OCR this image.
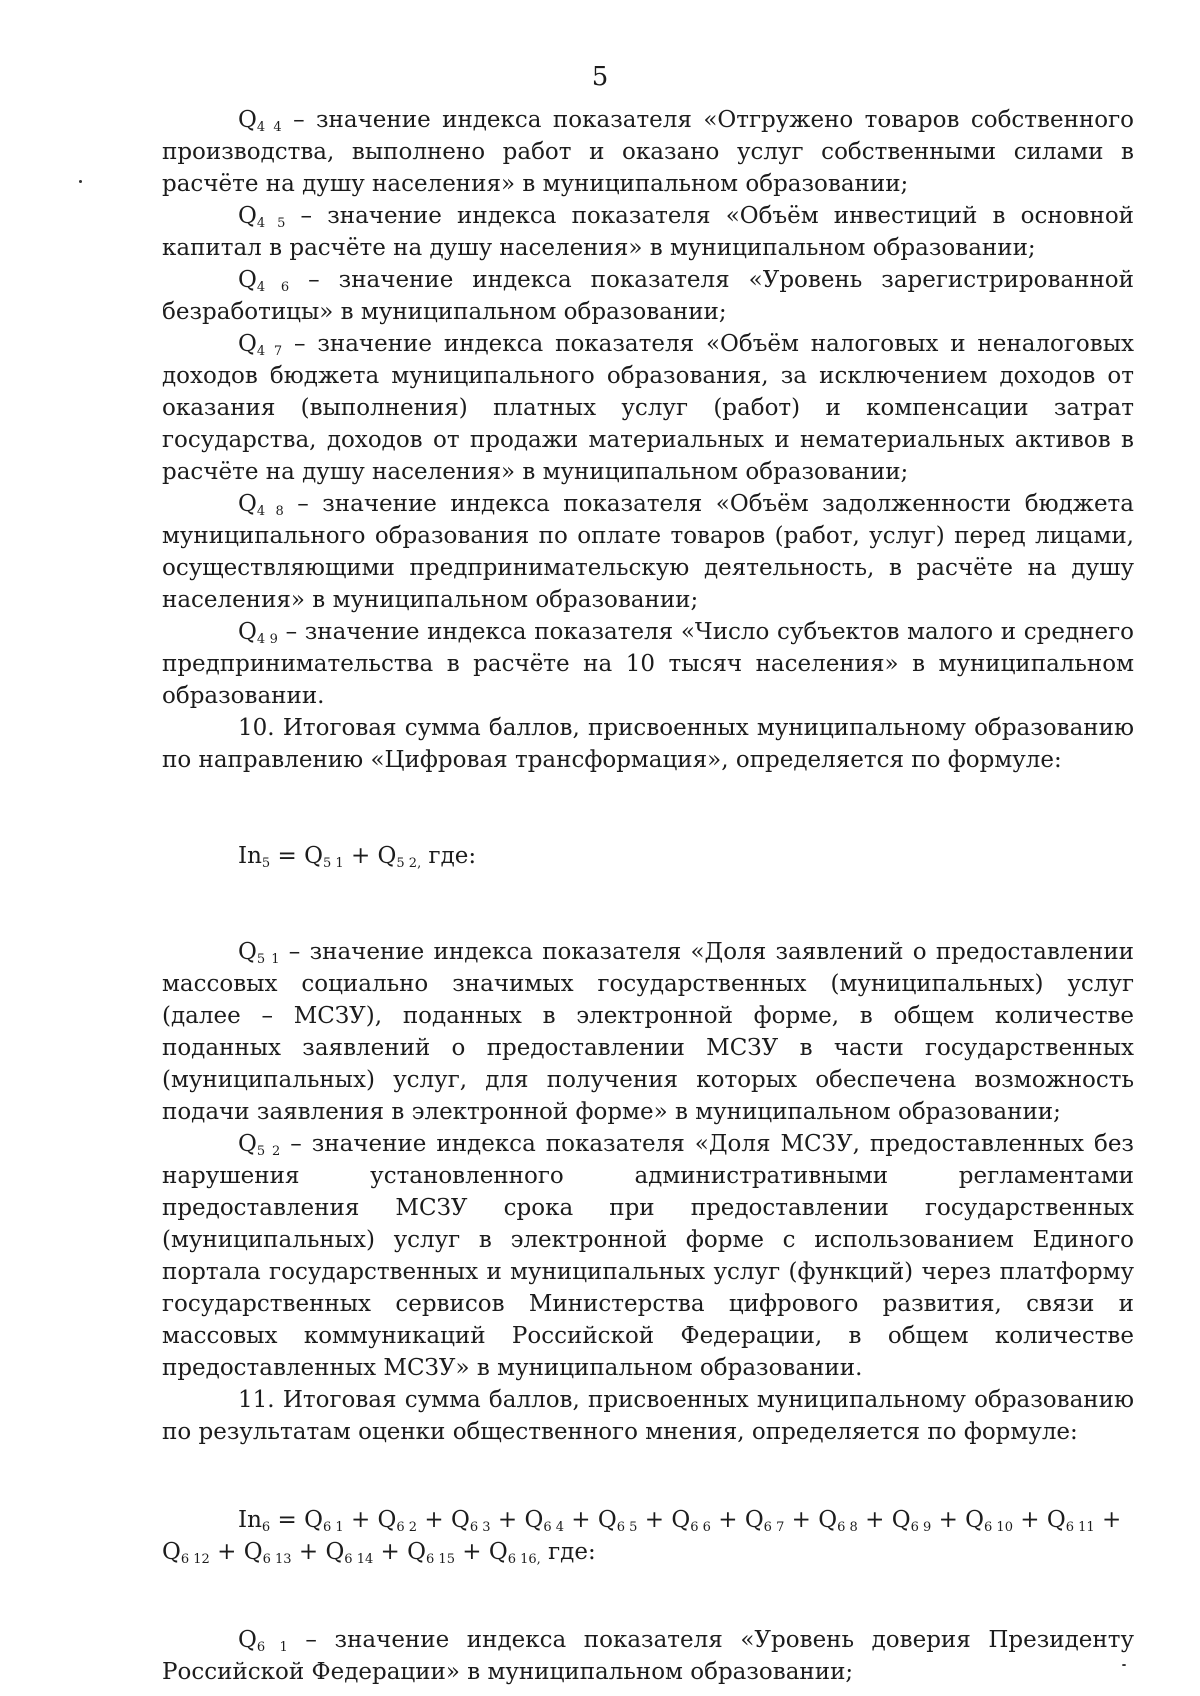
5

$Q_{4 4}$ – значение индекса показателя «Отгружено товаров собственного производства, выполнено работ и оказано услуг собственными силами в расчёте на душу населения» в муниципальном образовании;

$Q_{4 5}$ – значение индекса показателя «Объём инвестиций в основной капитал в расчёте на душу населения» в муниципальном образовании;

$Q_{4 6}$ – значение индекса показателя «Уровень зарегистрированной безработицы» в муниципальном образовании;

$Q_{4 7}$ – значение индекса показателя «Объём налоговых и неналоговых доходов бюджета муниципального образования, за исключением доходов от оказания (выполнения) платных услуг (работ) и компенсации затрат государства, доходов от продажи материальных и нематериальных активов в расчёте на душу населения» в муниципальном образовании;

$Q_{4 8}$ – значение индекса показателя «Объём задолженности бюджета муниципального образования по оплате товаров (работ, услуг) перед лицами, осуществляющими предпринимательскую деятельность, в расчёте на душу населения» в муниципальном образовании;

$Q_{4 9}$ – значение индекса показателя «Число субъектов малого и среднего предпринимательства в расчёте на 10 тысяч населения» в муниципальном образовании.

10. Итоговая сумма баллов, присвоенных муниципальному образованию по направлению «Цифровая трансформация», определяется по формуле:

$In_5 = Q_{5 1} + Q_{5 2,}$ где:

$Q_{5 1}$ – значение индекса показателя «Доля заявлений о предоставлении массовых социально значимых государственных (муниципальных) услуг (далее – МСЗУ), поданных в электронной форме, в общем количестве поданных заявлений о предоставлении МСЗУ в части государственных (муниципальных) услуг, для получения которых обеспечена возможность подачи заявления в электронной форме» в муниципальном образовании;

$Q_{5 2}$ – значение индекса показателя «Доля МСЗУ, предоставленных без нарушения установленного административными регламентами предоставления МСЗУ срока при предоставлении государственных (муниципальных) услуг в электронной форме с использованием Единого портала государственных и муниципальных услуг (функций) через платформу государственных сервисов Министерства цифрового развития, связи и массовых коммуникаций Российской Федерации, в общем количестве предоставленных МСЗУ» в муниципальном образовании.

11. Итоговая сумма баллов, присвоенных муниципальному образованию по результатам оценки общественного мнения, определяется по формуле:

$In_6 = Q_{6 1} + Q_{6 2} + Q_{6 3} + Q_{6 4} + Q_{6 5} + Q_{6 6} + Q_{6 7} + Q_{6 8} + Q_{6 9} + Q_{6 10} + Q_{6 11} + Q_{6 12} + Q_{6 13} + Q_{6 14} + Q_{6 15} + Q_{6 16,}$ где:

$Q_{6 1}$ – значение индекса показателя «Уровень доверия Президенту Российской Федерации» в муниципальном образовании;
